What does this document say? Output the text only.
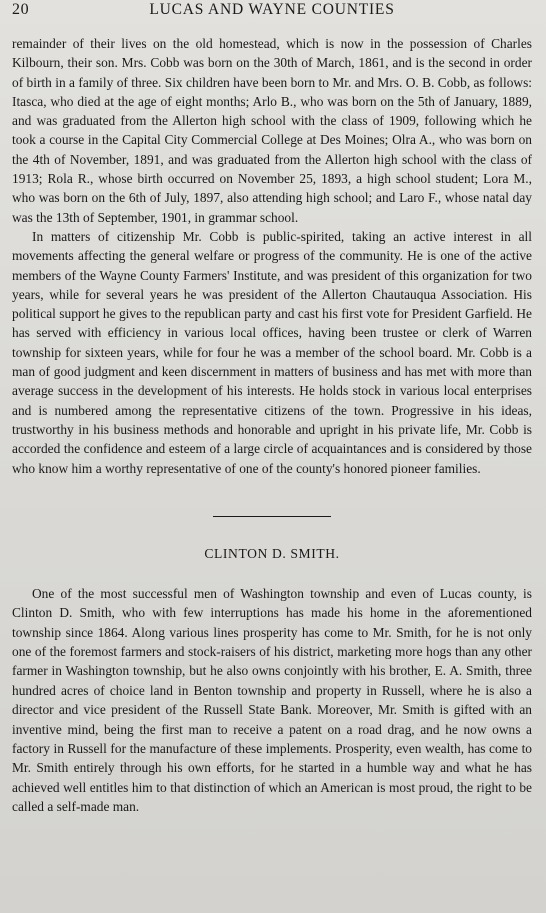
20	LUCAS AND WAYNE COUNTIES

remainder of their lives on the old homestead, which is now in the possession of Charles Kilbourn, their son. Mrs. Cobb was born on the 30th of March, 1861, and is the second in order of birth in a family of three. Six children have been born to Mr. and Mrs. O. B. Cobb, as follows: Itasca, who died at the age of eight months; Arlo B., who was born on the 5th of January, 1889, and was graduated from the Allerton high school with the class of 1909, following which he took a course in the Capital City Commercial College at Des Moines; Olra A., who was born on the 4th of November, 1891, and was graduated from the Allerton high school with the class of 1913; Rola R., whose birth occurred on November 25, 1893, a high school student; Lora M., who was born on the 6th of July, 1897, also attending high school; and Laro F., whose natal day was the 13th of September, 1901, in grammar school.

In matters of citizenship Mr. Cobb is public-spirited, taking an active interest in all movements affecting the general welfare or progress of the community. He is one of the active members of the Wayne County Farmers' Institute, and was president of this organization for two years, while for several years he was president of the Allerton Chautauqua Association. His political support he gives to the republican party and cast his first vote for President Garfield. He has served with efficiency in various local offices, having been trustee or clerk of Warren township for sixteen years, while for four he was a member of the school board. Mr. Cobb is a man of good judgment and keen discernment in matters of business and has met with more than average success in the development of his interests. He holds stock in various local enterprises and is numbered among the representative citizens of the town. Progressive in his ideas, trustworthy in his business methods and honorable and upright in his private life, Mr. Cobb is accorded the confidence and esteem of a large circle of acquaintances and is considered by those who know him a worthy representative of one of the county's honored pioneer families.

CLINTON D. SMITH.

One of the most successful men of Washington township and even of Lucas county, is Clinton D. Smith, who with few interruptions has made his home in the aforementioned township since 1864. Along various lines prosperity has come to Mr. Smith, for he is not only one of the foremost farmers and stock-raisers of his district, marketing more hogs than any other farmer in Washington township, but he also owns conjointly with his brother, E. A. Smith, three hundred acres of choice land in Benton township and property in Russell, where he is also a director and vice president of the Russell State Bank. Moreover, Mr. Smith is gifted with an inventive mind, being the first man to receive a patent on a road drag, and he now owns a factory in Russell for the manufacture of these implements. Prosperity, even wealth, has come to Mr. Smith entirely through his own efforts, for he started in a humble way and what he has achieved well entitles him to that distinction of which an American is most proud, the right to be called a self-made man.
